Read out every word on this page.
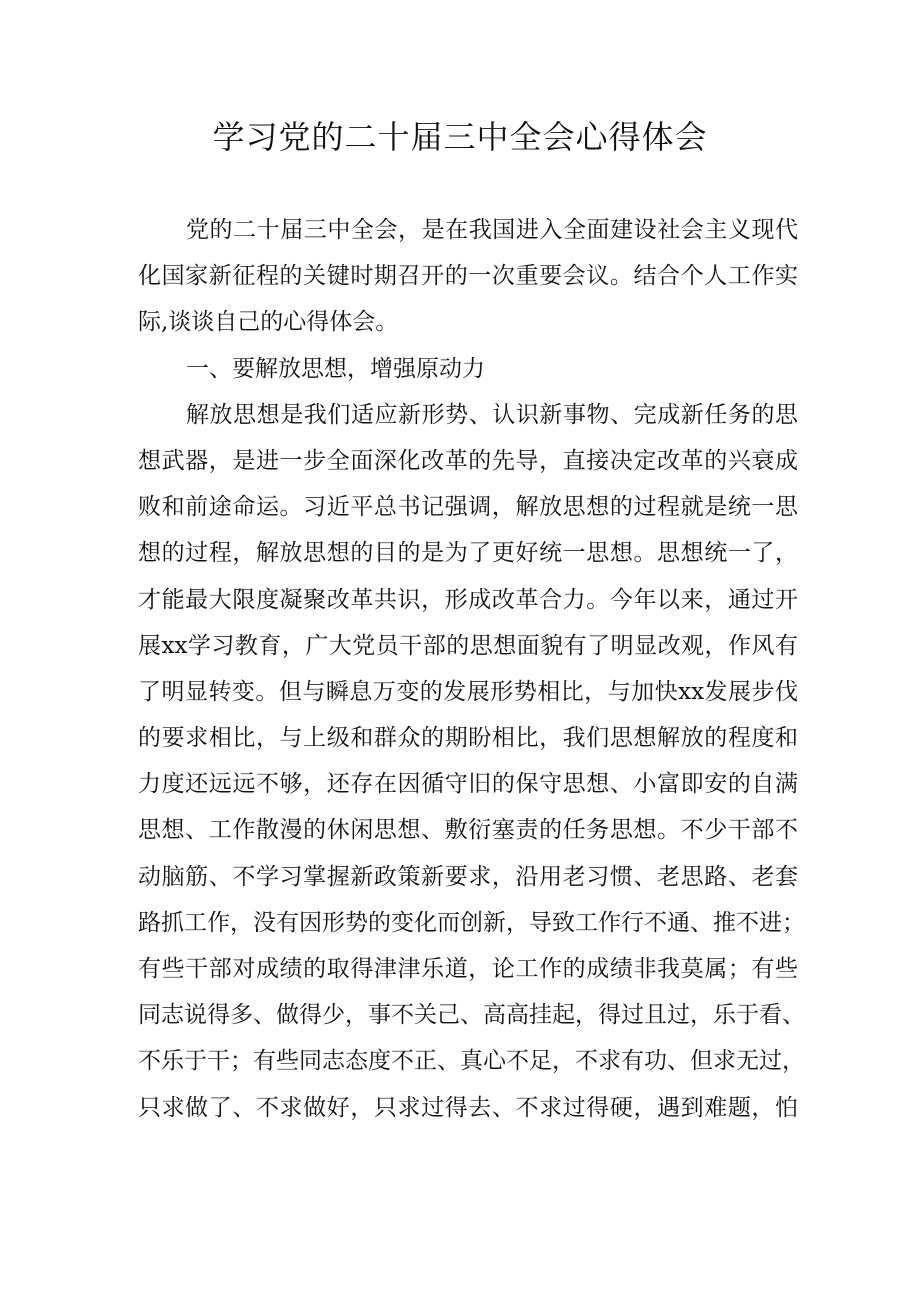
学习党的二十届三中全会心得体会
党的二十届三中全会，是在我国进入全面建设社会主义现代
化国家新征程的关键时期召开的一次重要会议。结合个人工作实
际,谈谈自己的心得体会。
一、要解放思想，增强原动力
解放思想是我们适应新形势、认识新事物、完成新任务的思
想武器，是进一步全面深化改革的先导，直接决定改革的兴衰成
败和前途命运。习近平总书记强调，解放思想的过程就是统一思
想的过程，解放思想的目的是为了更好统一思想。思想统一了，
才能最大限度凝聚改革共识，形成改革合力。今年以来，通过开
展xx学习教育，广大党员干部的思想面貌有了明显改观，作风有
了明显转变。但与瞬息万变的发展形势相比，与加快xx发展步伐
的要求相比，与上级和群众的期盼相比，我们思想解放的程度和
力度还远远不够，还存在因循守旧的保守思想、小富即安的自满
思想、工作散漫的休闲思想、敷衍塞责的任务思想。不少干部不
动脑筋、不学习掌握新政策新要求，沿用老习惯、老思路、老套
路抓工作，没有因形势的变化而创新，导致工作行不通、推不进；
有些干部对成绩的取得津津乐道，论工作的成绩非我莫属；有些
同志说得多、做得少，事不关己、高高挂起，得过且过，乐于看、
不乐于干；有些同志态度不正、真心不足，不求有功、但求无过，
只求做了、不求做好，只求过得去、不求过得硬，遇到难题，怕
